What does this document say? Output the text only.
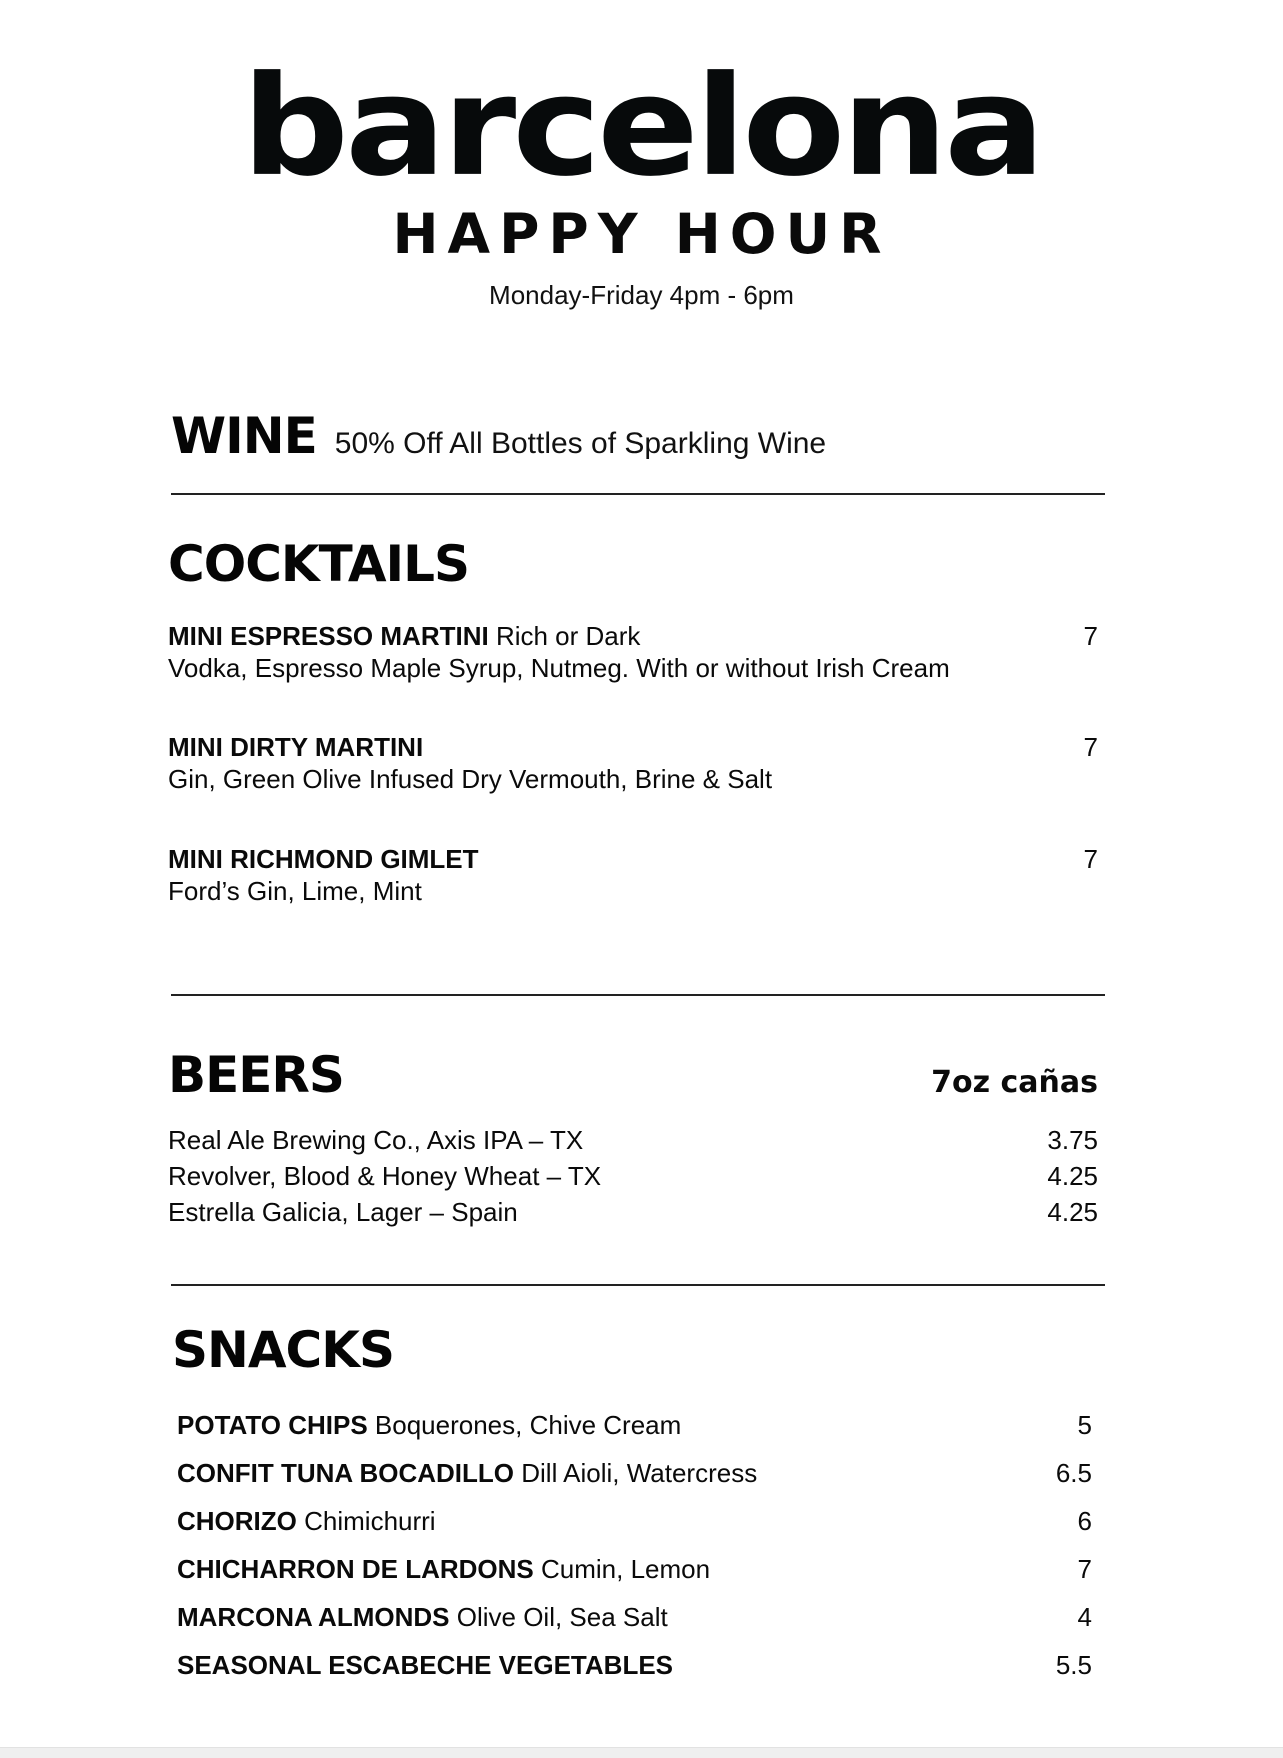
barcelona
HAPPY HOUR
Monday-Friday 4pm - 6pm
WINE 50% Off All Bottles of Sparkling Wine
COCKTAILS
MINI ESPRESSO MARTINI Rich or Dark	7
Vodka, Espresso Maple Syrup, Nutmeg. With or without Irish Cream
MINI DIRTY MARTINI	7
Gin, Green Olive Infused Dry Vermouth, Brine & Salt
MINI RICHMOND GIMLET	7
Ford’s Gin, Lime, Mint
BEERS	7oz cañas
Real Ale Brewing Co., Axis IPA – TX	3.75
Revolver, Blood & Honey Wheat – TX	4.25
Estrella Galicia, Lager – Spain	4.25
SNACKS
POTATO CHIPS Boquerones, Chive Cream	5
CONFIT TUNA BOCADILLO Dill Aioli, Watercress	6.5
CHORIZO Chimichurri	6
CHICHARRON DE LARDONS Cumin, Lemon	7
MARCONA ALMONDS Olive Oil, Sea Salt	4
SEASONAL ESCABECHE VEGETABLES	5.5
